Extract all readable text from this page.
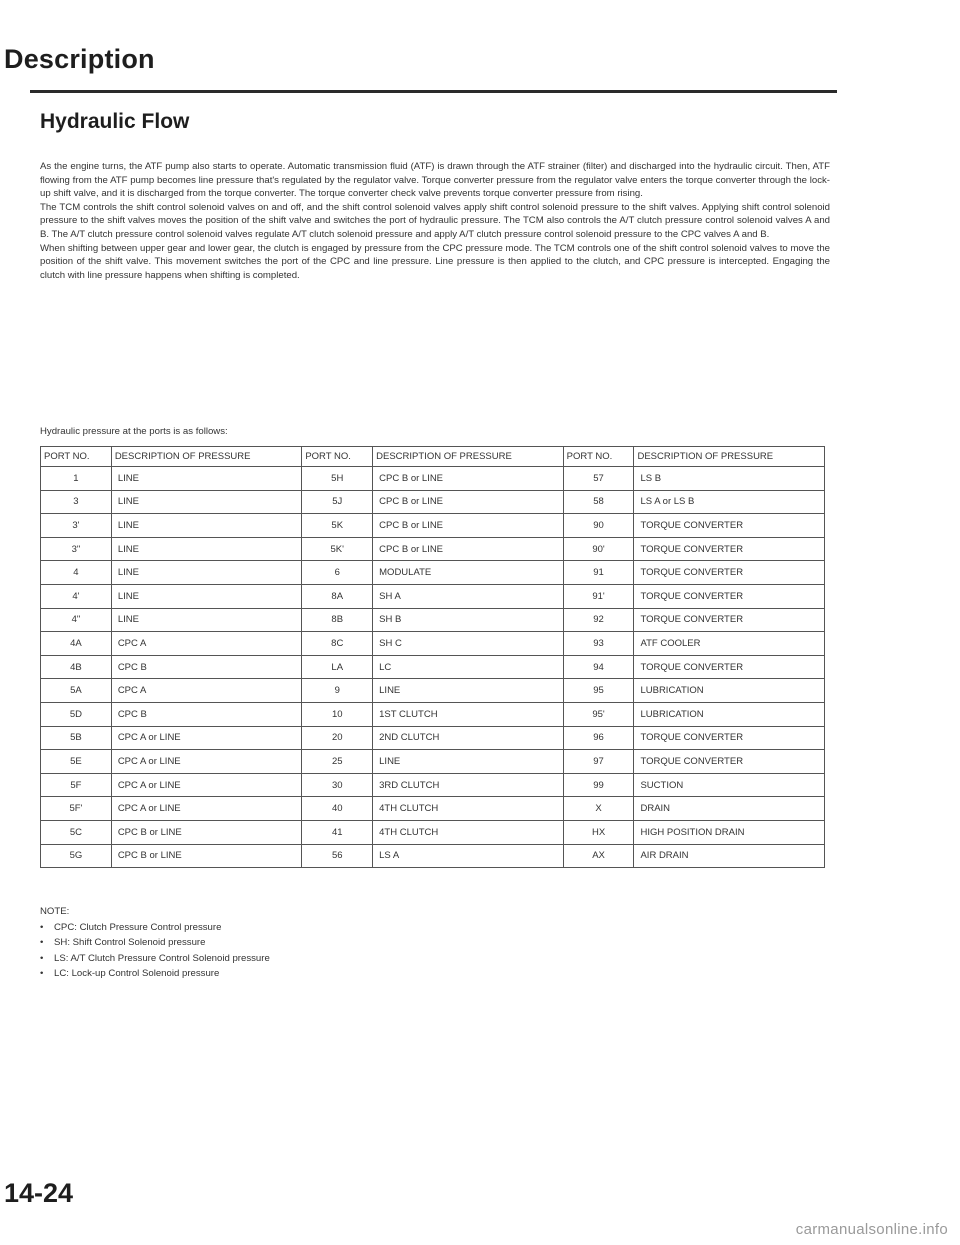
Description
Hydraulic Flow

As the engine turns, the ATF pump also starts to operate. Automatic transmission fluid (ATF) is drawn through the ATF strainer (filter) and discharged into the hydraulic circuit. Then, ATF flowing from the ATF pump becomes line pressure that's regulated by the regulator valve. Torque converter pressure from the regulator valve enters the torque converter through the lock-up shift valve, and it is discharged from the torque converter. The torque converter check valve prevents torque converter pressure from rising.

The TCM controls the shift control solenoid valves on and off, and the shift control solenoid valves apply shift control solenoid pressure to the shift valves. Applying shift control solenoid pressure to the shift valves moves the position of the shift valve and switches the port of hydraulic pressure. The TCM also controls the A/T clutch pressure control solenoid valves A and B. The A/T clutch pressure control solenoid valves regulate A/T clutch solenoid pressure and apply A/T clutch pressure control solenoid pressure to the CPC valves A and B.

When shifting between upper gear and lower gear, the clutch is engaged by pressure from the CPC pressure mode. The TCM controls one of the shift control solenoid valves to move the position of the shift valve. This movement switches the port of the CPC and line pressure. Line pressure is then applied to the clutch, and CPC pressure is intercepted. Engaging the clutch with line pressure happens when shifting is completed.

Hydraulic pressure at the ports is as follows:
PORT NO.	DESCRIPTION OF PRESSURE	PORT NO.	DESCRIPTION OF PRESSURE	PORT NO.	DESCRIPTION OF PRESSURE
1	LINE	5H	CPC B or LINE	57	LS B
3	LINE	5J	CPC B or LINE	58	LS A or LS B
3'	LINE	5K	CPC B or LINE	90	TORQUE CONVERTER
3"	LINE	5K'	CPC B or LINE	90'	TORQUE CONVERTER
4	LINE	6	MODULATE	91	TORQUE CONVERTER
4'	LINE	8A	SH A	91'	TORQUE CONVERTER
4"	LINE	8B	SH B	92	TORQUE CONVERTER
4A	CPC A	8C	SH C	93	ATF COOLER
4B	CPC B	LA	LC	94	TORQUE CONVERTER
5A	CPC A	9	LINE	95	LUBRICATION
5D	CPC B	10	1ST CLUTCH	95'	LUBRICATION
5B	CPC A or LINE	20	2ND CLUTCH	96	TORQUE CONVERTER
5E	CPC A or LINE	25	LINE	97	TORQUE CONVERTER
5F	CPC A or LINE	30	3RD CLUTCH	99	SUCTION
5F'	CPC A or LINE	40	4TH CLUTCH	X	DRAIN
5C	CPC B or LINE	41	4TH CLUTCH	HX	HIGH POSITION DRAIN
5G	CPC B or LINE	56	LS A	AX	AIR DRAIN
NOTE:
• CPC: Clutch Pressure Control pressure
• SH: Shift Control Solenoid pressure
• LS: A/T Clutch Pressure Control Solenoid pressure
• LC: Lock-up Control Solenoid pressure
14-24
carmanualsonline.info
